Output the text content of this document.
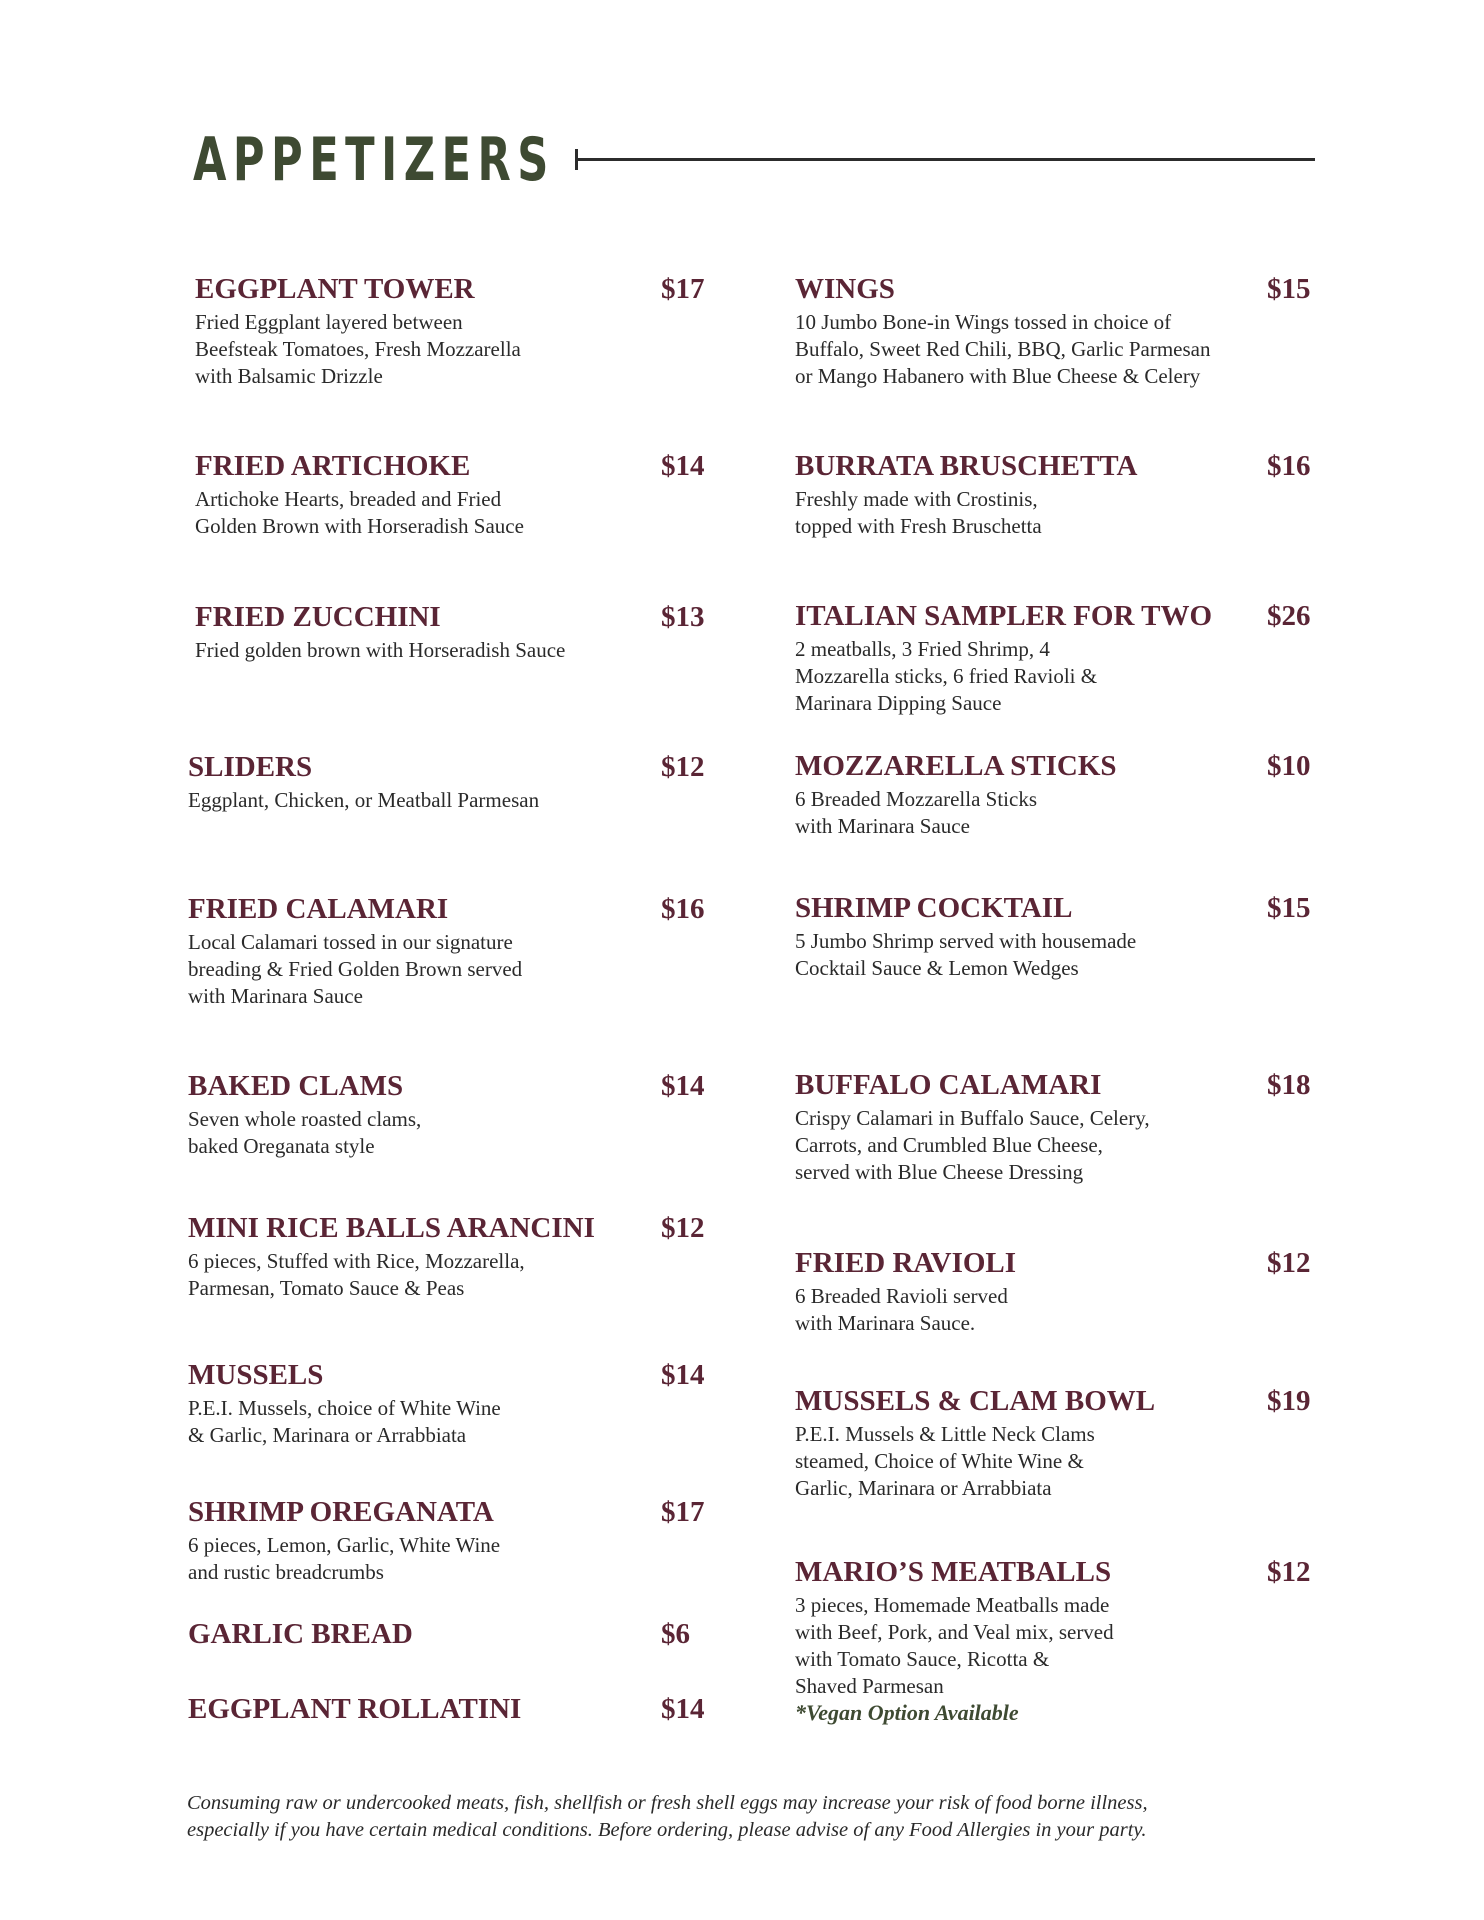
APPETIZERS
EGGPLANT TOWER	$17
Fried Eggplant layered between
Beefsteak Tomatoes, Fresh Mozzarella
with Balsamic Drizzle
FRIED ARTICHOKE	$14
Artichoke Hearts, breaded and Fried
Golden Brown with Horseradish Sauce
FRIED ZUCCHINI	$13
Fried golden brown with Horseradish Sauce
SLIDERS	$12
Eggplant, Chicken, or Meatball Parmesan
FRIED CALAMARI	$16
Local Calamari tossed in our signature
breading & Fried Golden Brown served
with Marinara Sauce
BAKED CLAMS	$14
Seven whole roasted clams,
baked Oreganata style
MINI RICE BALLS ARANCINI $12
6 pieces, Stuffed with Rice, Mozzarella,
Parmesan, Tomato Sauce & Peas
MUSSELS	$14
P.E.I. Mussels, choice of White Wine
& Garlic, Marinara or Arrabbiata
SHRIMP OREGANATA	$17
6 pieces, Lemon, Garlic, White Wine
and rustic breadcrumbs
GARLIC BREAD	$6
EGGPLANT ROLLATINI	$14
WINGS	$15
10 Jumbo Bone-in Wings tossed in choice of
Buffalo, Sweet Red Chili, BBQ, Garlic Parmesan
or Mango Habanero with Blue Cheese & Celery
BURRATA BRUSCHETTA	$16
Freshly made with Crostinis,
topped with Fresh Bruschetta
ITALIAN SAMPLER FOR TWO $26
2 meatballs, 3 Fried Shrimp, 4
Mozzarella sticks, 6 fried Ravioli &
Marinara Dipping Sauce
MOZZARELLA STICKS	$10
6 Breaded Mozzarella Sticks
with Marinara Sauce
SHRIMP COCKTAIL	$15
5 Jumbo Shrimp served with housemade
Cocktail Sauce & Lemon Wedges
BUFFALO CALAMARI	$18
Crispy Calamari in Buffalo Sauce, Celery,
Carrots, and Crumbled Blue Cheese,
served with Blue Cheese Dressing
FRIED RAVIOLI	$12
6 Breaded Ravioli served
with Marinara Sauce.
MUSSELS & CLAM BOWL	$19
P.E.I. Mussels & Little Neck Clams
steamed, Choice of White Wine &
Garlic, Marinara or Arrabbiata
MARIO’S MEATBALLS	$12
3 pieces, Homemade Meatballs made
with Beef, Pork, and Veal mix, served
with Tomato Sauce, Ricotta &
Shaved Parmesan
*Vegan Option Available
Consuming raw or undercooked meats, fish, shellfish or fresh shell eggs may increase your risk of food borne illness,
especially if you have certain medical conditions. Before ordering, please advise of any Food Allergies in your party.
